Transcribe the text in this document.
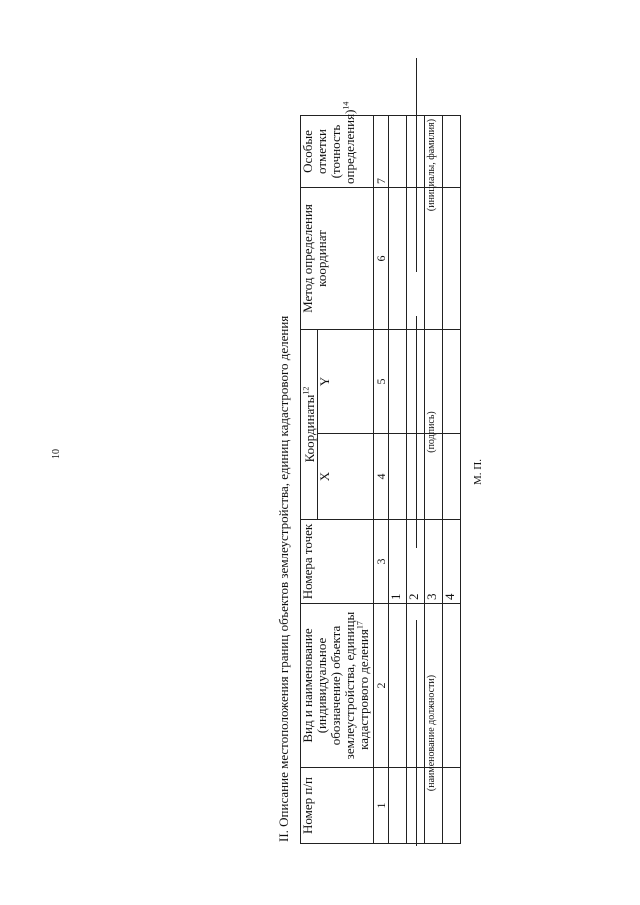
10	II. Описание местоположения границ объектов землеустройства, единиц кадастрового деления Номер п/п	Вид и наименование (индивидуальное обозначение) объекта землеустройства, единицы кадастрового деления$^{17}$	Номера точек	Координаты$^{12}$		Метод определения координат	Особые отметки (точность определения)$^{14}$
			X	Y		
1	2	3	4	5	6	7
		1				
		2				
		3				
		4				
(наименование должности)
(подпись)
(инициалы, фамилия)
М. П.
